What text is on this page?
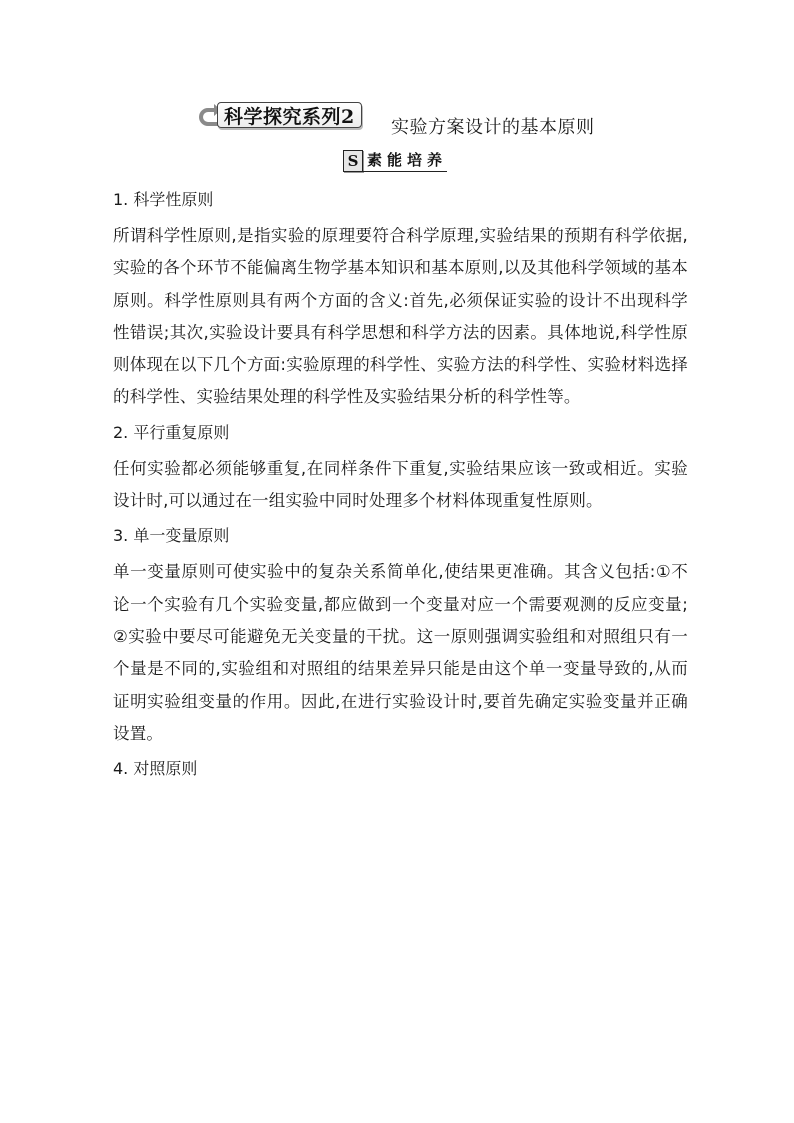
科学探究系列2	实验方案设计的基本原则
S 素能培养

1. 科学性原则

所谓科学性原则,是指实验的原理要符合科学原理,实验结果的预期有科学依据,实验的各个环节不能偏离生物学基本知识和基本原则,以及其他科学领域的基本原则。科学性原则具有两个方面的含义:首先,必须保证实验的设计不出现科学性错误;其次,实验设计要具有科学思想和科学方法的因素。具体地说,科学性原则体现在以下几个方面:实验原理的科学性、实验方法的科学性、实验材料选择的科学性、实验结果处理的科学性及实验结果分析的科学性等。

2. 平行重复原则

任何实验都必须能够重复,在同样条件下重复,实验结果应该一致或相近。实验设计时,可以通过在一组实验中同时处理多个材料体现重复性原则。

3. 单一变量原则

单一变量原则可使实验中的复杂关系简单化,使结果更准确。其含义包括:①不论一个实验有几个实验变量,都应做到一个变量对应一个需要观测的反应变量;②实验中要尽可能避免无关变量的干扰。这一原则强调实验组和对照组只有一个量是不同的,实验组和对照组的结果差异只能是由这个单一变量导致的,从而证明实验组变量的作用。因此,在进行实验设计时,要首先确定实验变量并正确设置。

4. 对照原则
